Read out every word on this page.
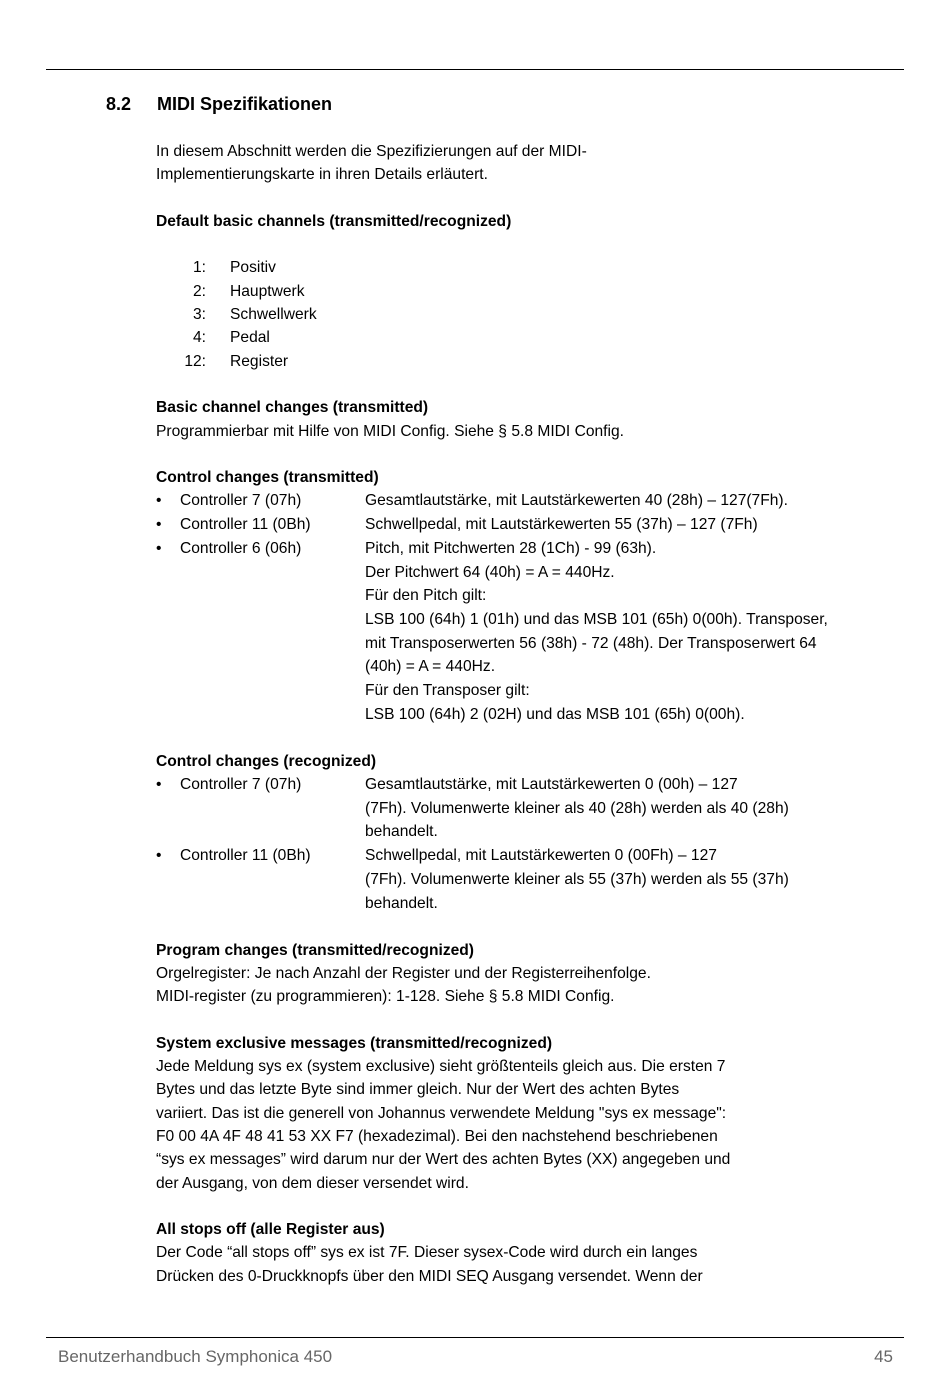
8.2 MIDI Spezifikationen
In diesem Abschnitt werden die Spezifizierungen auf der MIDI-
Implementierungskarte in ihren Details erläutert.
Default basic channels (transmitted/recognized)
1: Positiv
2: Hauptwerk
3: Schwellwerk
4: Pedal
12: Register
Basic channel changes (transmitted)
Programmierbar mit Hilfe von MIDI Config. Siehe § 5.8 MIDI Config.
Control changes (transmitted)
•	Controller 7 (07h)	Gesamtlautstärke, mit Lautstärkewerten 40 (28h) – 127(7Fh).
•	Controller 11 (0Bh)	Schwellpedal, mit Lautstärkewerten 55 (37h) – 127 (7Fh)
•	Controller 6 (06h)	Pitch, mit Pitchwerten 28 (1Ch) - 99 (63h).
Der Pitchwert 64 (40h) = A = 440Hz.
Für den Pitch gilt:
LSB 100 (64h) 1 (01h) und das MSB 101 (65h) 0(00h). Transposer,
mit Transposerwerten 56 (38h) - 72 (48h). Der Transposerwert 64
(40h) = A = 440Hz.
Für den Transposer gilt:
LSB 100 (64h) 2 (02H) und das MSB 101 (65h) 0(00h).
Control changes (recognized)
•	Controller 7 (07h)	Gesamtlautstärke, mit Lautstärkewerten 0 (00h) – 127
(7Fh). Volumenwerte kleiner als 40 (28h) werden als 40 (28h)
behandelt.
•	Controller 11 (0Bh)	Schwellpedal, mit Lautstärkewerten 0 (00Fh) – 127
(7Fh). Volumenwerte kleiner als 55 (37h) werden als 55 (37h)
behandelt.
Program changes (transmitted/recognized)
Orgelregister: Je nach Anzahl der Register und der Registerreihenfolge.
MIDI-register (zu programmieren): 1-128. Siehe § 5.8 MIDI Config.
System exclusive messages (transmitted/recognized)
Jede Meldung sys ex (system exclusive) sieht größtenteils gleich aus. Die ersten 7
Bytes und das letzte Byte sind immer gleich. Nur der Wert des achten Bytes
variiert. Das ist die generell von Johannus verwendete Meldung "sys ex message":
F0 00 4A 4F 48 41 53 XX F7 (hexadezimal). Bei den nachstehend beschriebenen
“sys ex messages” wird darum nur der Wert des achten Bytes (XX) angegeben und
der Ausgang, von dem dieser versendet wird.
All stops off (alle Register aus)
Der Code “all stops off” sys ex ist 7F. Dieser sysex-Code wird durch ein langes
Drücken des 0-Druckknopfs über den MIDI SEQ Ausgang versendet. Wenn der
Benutzerhandbuch Symphonica 450	45
